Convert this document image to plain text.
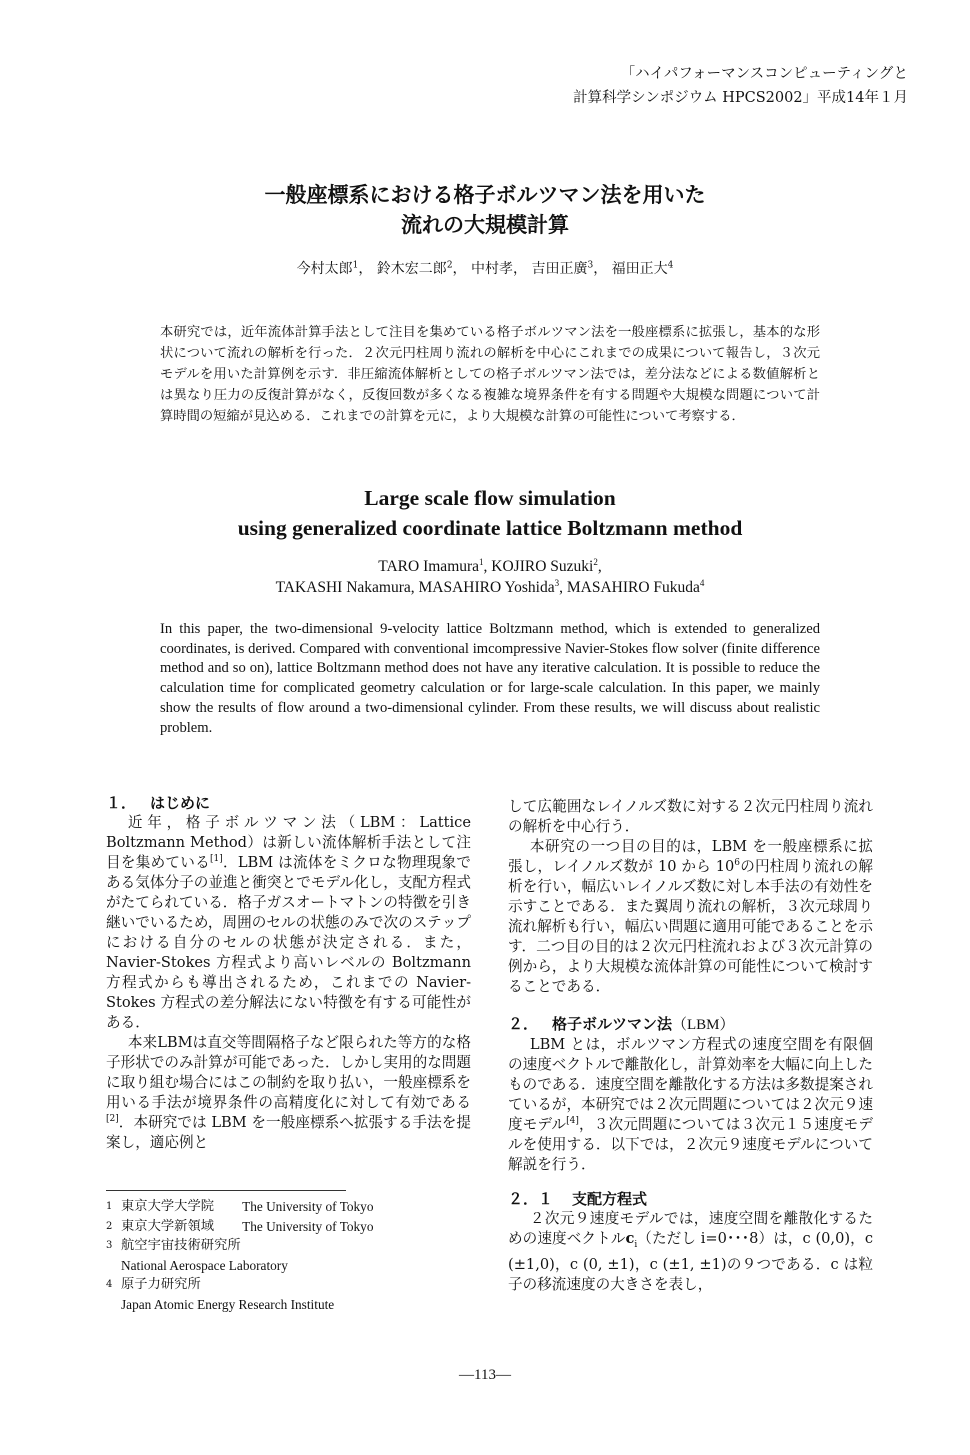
「ハイパフォーマンスコンピューティングと
計算科学シンポジウム HPCS2002」平成14年１月
一般座標系における格子ボルツマン法を用いた
流れの大規模計算
今村太郎$^1$， 鈴木宏二郎$^2$， 中村孝， 吉田正廣$^3$， 福田正大$^4$
本研究では，近年流体計算手法として注目を集めている格子ボルツマン法を一般座標系に拡張し，基本的な形状について流れの解析を行った．２次元円柱周り流れの解析を中心にこれまでの成果について報告し，３次元モデルを用いた計算例を示す．非圧縮流体解析としての格子ボルツマン法では，差分法などによる数値解析とは異なり圧力の反復計算がなく，反復回数が多くなる複雑な境界条件を有する問題や大規模な問題について計算時間の短縮が見込める．これまでの計算を元に，より大規模な計算の可能性について考察する．
Large scale flow simulation
using generalized coordinate lattice Boltzmann method
TARO Imamura$^1$, KOJIRO Suzuki$^2$,
TAKASHI Nakamura, MASAHIRO Yoshida$^3$, MASAHIRO Fukuda$^4$
In this paper, the two-dimensional 9-velocity lattice Boltzmann method, which is extended to generalized coordinates, is derived. Compared with conventional imcompressive Navier-Stokes flow solver (finite difference method and so on), lattice Boltzmann method does not have any iterative calculation. It is possible to reduce the calculation time for complicated geometry calculation or for large-scale calculation. In this paper, we mainly show the results of flow around a two-dimensional cylinder. From these results, we will discuss about realistic problem.
１． はじめに

近年，格子ボルツマン法（LBM：Lattice Boltzmann Method）は新しい流体解析手法として注目を集めている[1]．LBM は流体をミクロな物理現象である気体分子の並進と衝突とでモデル化し，支配方程式がたてられている．格子ガスオートマトンの特徴を引き継いでいるため，周囲のセルの状態のみで次のステップにおける自分のセルの状態が決定される．また，Navier-Stokes 方程式より高いレベルの Boltzmann 方程式からも導出されるため，これまでの Navier-Stokes 方程式の差分解法にない特徴を有する可能性がある．

本来LBMは直交等間隔格子など限られた等方的な格子形状でのみ計算が可能であった．しかし実用的な問題に取り組む場合にはこの制約を取り払い，一般座標系を用いる手法が境界条件の高精度化に対して有効である[2]．本研究では LBM を一般座標系へ拡張する手法を提案し，適応例と

1 東京大学大学院 The University of Tokyo
2 東京大学新領域 The University of Tokyo
3 航空宇宙技術研究所
National Aerospace Laboratory
4 原子力研究所
Japan Atomic Energy Research Institute

して広範囲なレイノルズ数に対する２次元円柱周り流れの解析を中心行う．

本研究の一つ目の目的は，LBM を一般座標系に拡張し，レイノルズ数が 10 から $10^6$の円柱周り流れの解析を行い，幅広いレイノルズ数に対し本手法の有効性を示すことである．また翼周り流れの解析，３次元球周り流れ解析も行い，幅広い問題に適用可能であることを示す．二つ目の目的は２次元円柱流れおよび３次元計算の例から，より大規模な流体計算の可能性について検討することである．

２． 格子ボルツマン法（LBM）

LBM とは，ボルツマン方程式の速度空間を有限個の速度ベクトルで離散化し，計算効率を大幅に向上したものである．速度空間を離散化する方法は多数提案されているが，本研究では２次元問題については２次元９速度モデル[4]，３次元問題については３次元１５速度モデルを使用する．以下では，２次元９速度モデルについて解説を行う．

２．１ 支配方程式

２次元９速度モデルでは，速度空間を離散化するための速度ベクトル$c_i$（ただし i=0･･･8）は，c (0,0)，c (±1,0)，c (0, ±1)，c (±1, ±1)の９つである．c は粒子の移流速度の大きさを表し，

—113—
